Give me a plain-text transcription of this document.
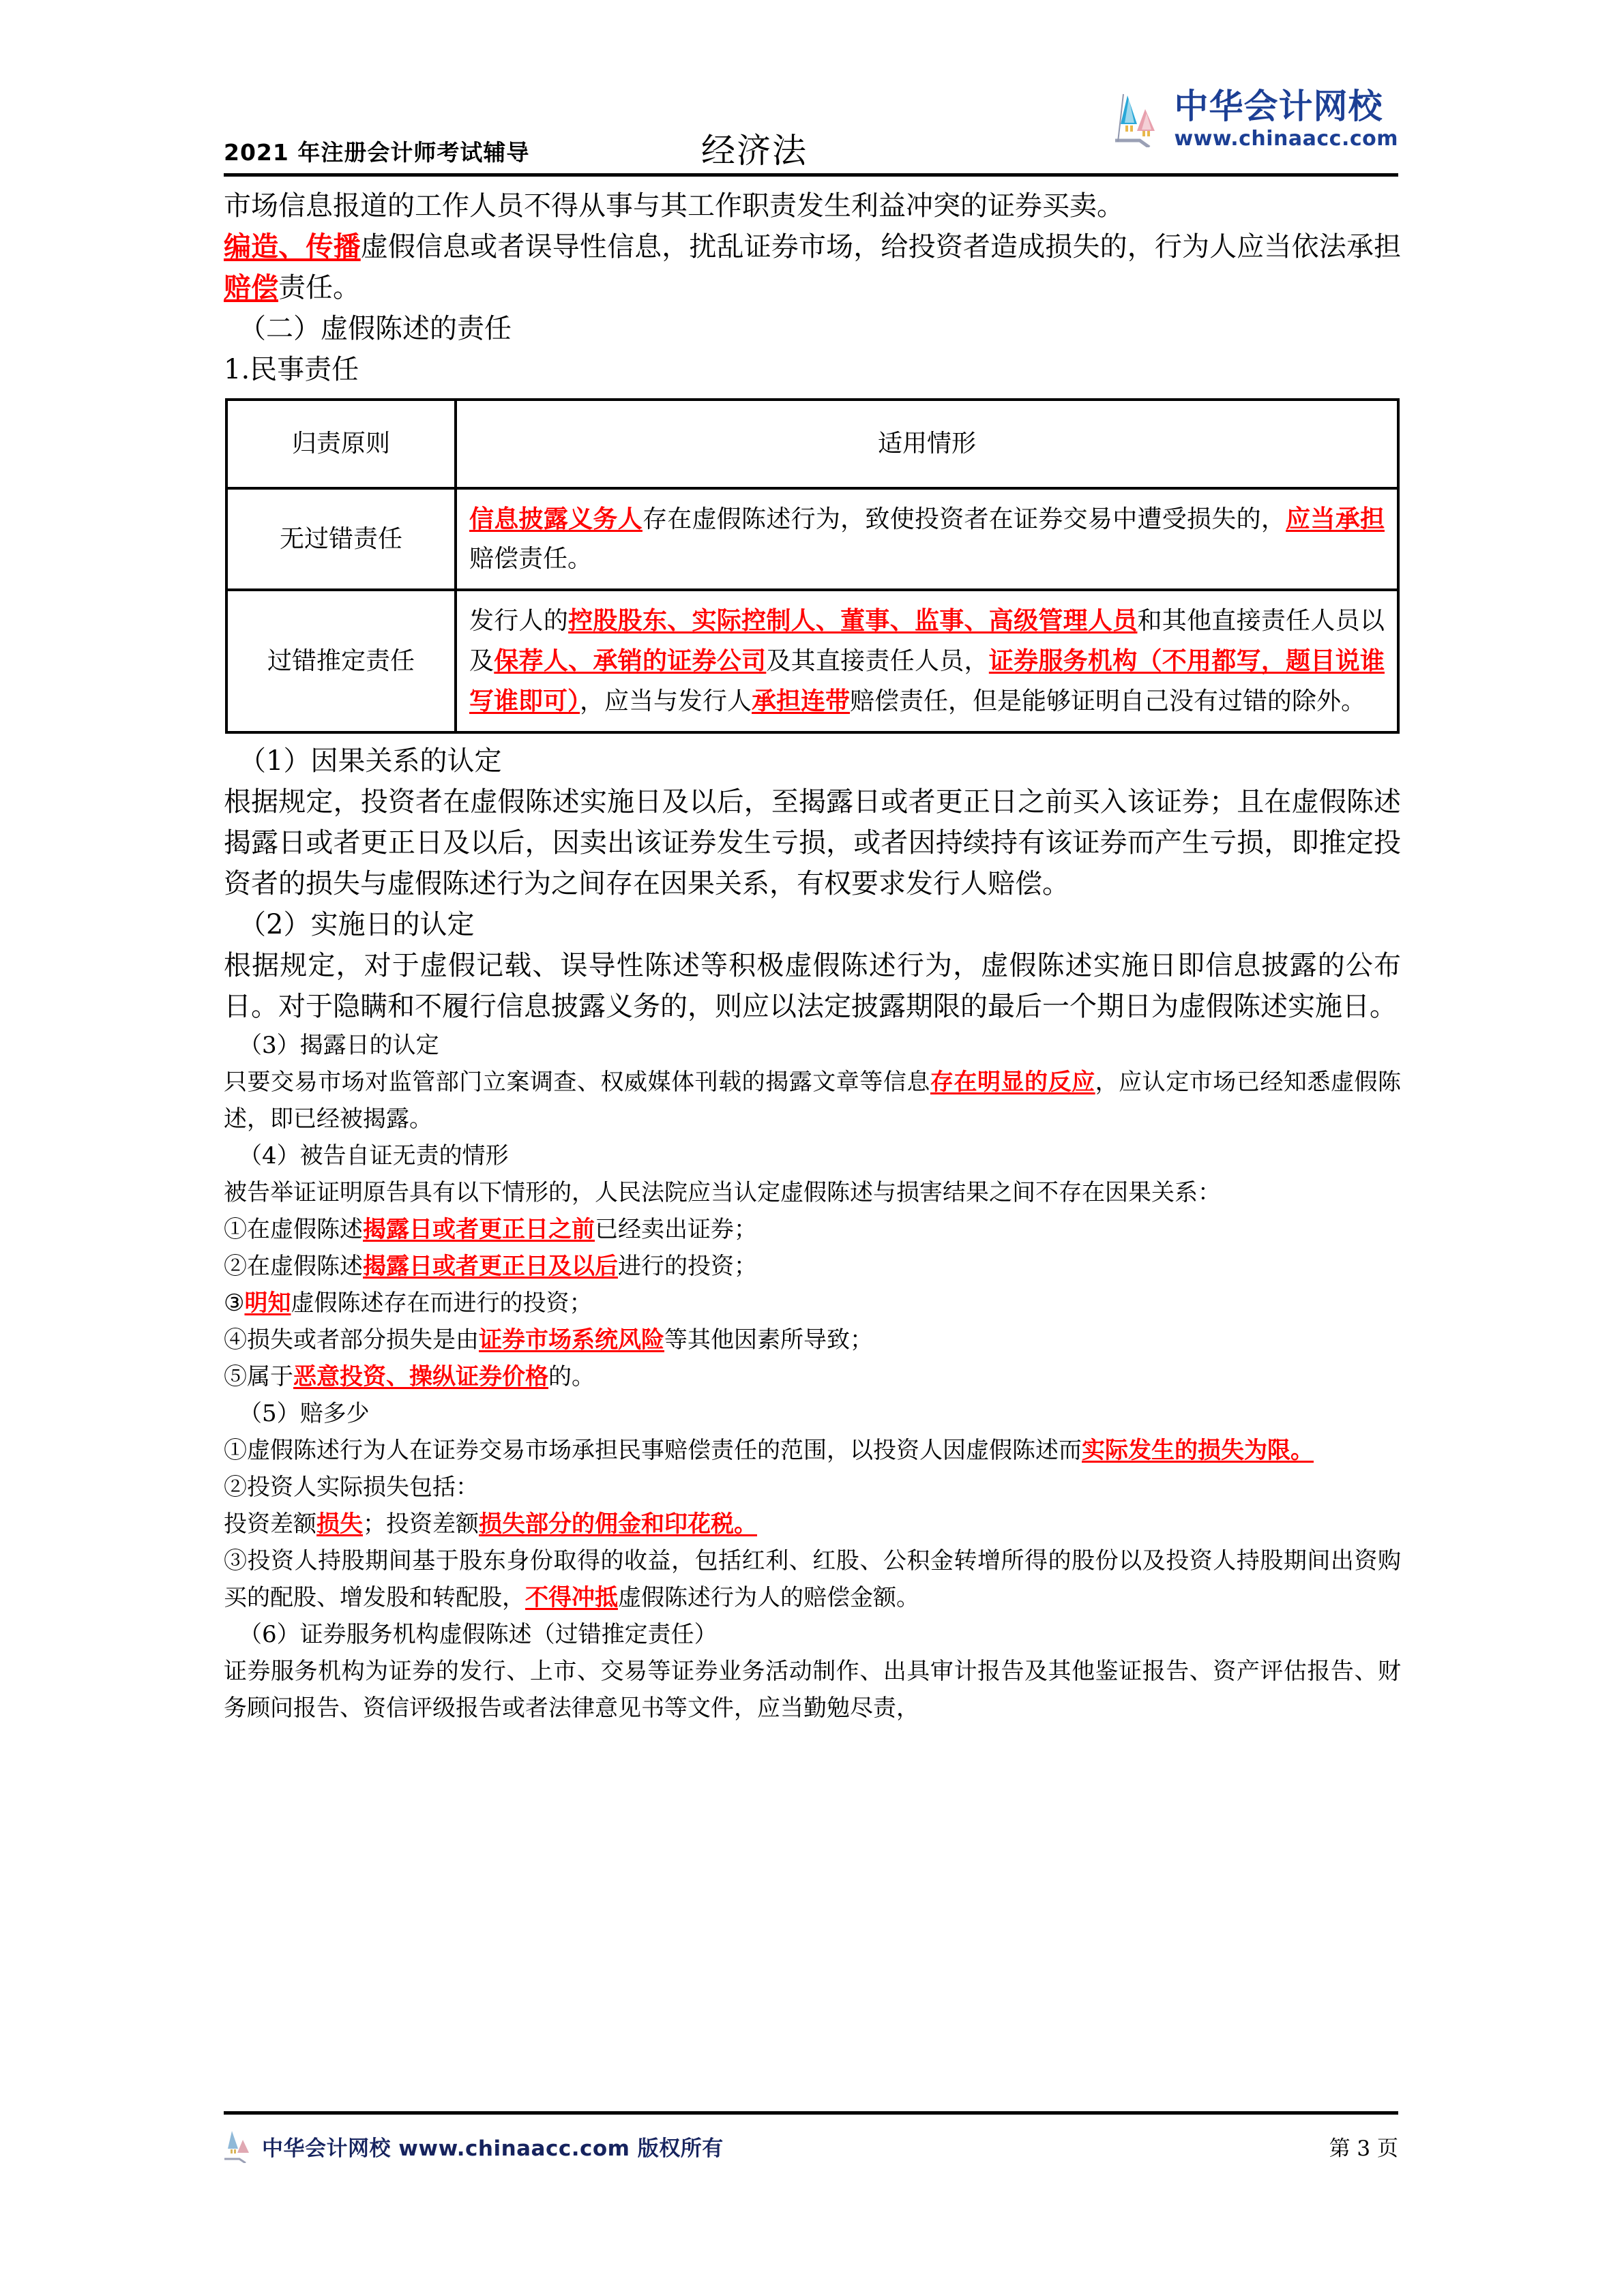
2021 年注册会计师考试辅导	经济法
中华会计网校
www.chinaacc.com

市场信息报道的工作人员不得从事与其工作职责发生利益冲突的证券买卖。

编造、传播虚假信息或者误导性信息，扰乱证券市场，给投资者造成损失的，行为人应当依法承担赔偿责任。

（二）虚假陈述的责任

1.民事责任

归责原则	适用情形
无过错责任	信息披露义务人存在虚假陈述行为，致使投资者在证券交易中遭受损失的，应当承担赔偿责任。
过错推定责任	发行人的控股股东、实际控制人、董事、监事、高级管理人员和其他直接责任人员以及保荐人、承销的证券公司及其直接责任人员，证券服务机构（不用都写，题目说谁写谁即可），应当与发行人承担连带赔偿责任，但是能够证明自己没有过错的除外。

（1）因果关系的认定

根据规定，投资者在虚假陈述实施日及以后，至揭露日或者更正日之前买入该证券；且在虚假陈述揭露日或者更正日及以后，因卖出该证券发生亏损，或者因持续持有该证券而产生亏损，即推定投资者的损失与虚假陈述行为之间存在因果关系，有权要求发行人赔偿。

（2）实施日的认定

根据规定，对于虚假记载、误导性陈述等积极虚假陈述行为，虚假陈述实施日即信息披露的公布日。对于隐瞒和不履行信息披露义务的，则应以法定披露期限的最后一个期日为虚假陈述实施日。

（3）揭露日的认定

只要交易市场对监管部门立案调查、权威媒体刊载的揭露文章等信息存在明显的反应，应认定市场已经知悉虚假陈述，即已经被揭露。

（4）被告自证无责的情形

被告举证证明原告具有以下情形的，人民法院应当认定虚假陈述与损害结果之间不存在因果关系：

①在虚假陈述揭露日或者更正日之前已经卖出证券；

②在虚假陈述揭露日或者更正日及以后进行的投资；

③明知虚假陈述存在而进行的投资；

④损失或者部分损失是由证券市场系统风险等其他因素所导致；

⑤属于恶意投资、操纵证券价格的。

（5）赔多少

①虚假陈述行为人在证券交易市场承担民事赔偿责任的范围，以投资人因虚假陈述而实际发生的损失为限。

②投资人实际损失包括：

投资差额损失；投资差额损失部分的佣金和印花税。

③投资人持股期间基于股东身份取得的收益，包括红利、红股、公积金转增所得的股份以及投资人持股期间出资购买的配股、增发股和转配股，不得冲抵虚假陈述行为人的赔偿金额。

（6）证券服务机构虚假陈述（过错推定责任）

证券服务机构为证券的发行、上市、交易等证券业务活动制作、出具审计报告及其他鉴证报告、资产评估报告、财务顾问报告、资信评级报告或者法律意见书等文件，应当勤勉尽责，

中华会计网校 www.chinaacc.com 版权所有	第 3 页
